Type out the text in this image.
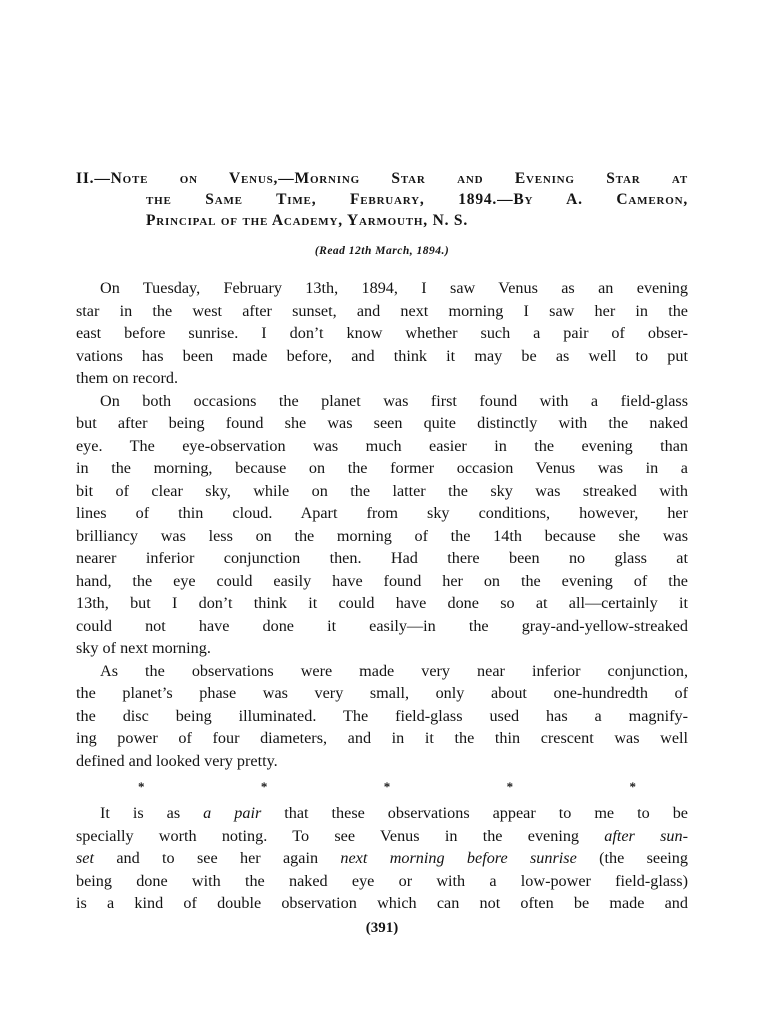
II.—Note on Venus,—Morning Star and Evening Star at
the Same Time, February, 1894.—By A. Cameron,
Principal of the Academy, Yarmouth, N. S.
(Read 12th March, 1894.)

On Tuesday, February 13th, 1894, I saw Venus as an evening
star in the west after sunset, and next morning I saw her in the
east before sunrise. I don’t know whether such a pair of obser-
vations has been made before, and think it may be as well to put
them on record.

On both occasions the planet was first found with a field-glass
but after being found she was seen quite distinctly with the naked
eye. The eye-observation was much easier in the evening than
in the morning, because on the former occasion Venus was in a
bit of clear sky, while on the latter the sky was streaked with
lines of thin cloud. Apart from sky conditions, however, her
brilliancy was less on the morning of the 14th because she was
nearer inferior conjunction then. Had there been no glass at
hand, the eye could easily have found her on the evening of the
13th, but I don’t think it could have done so at all—certainly it
could not have done it easily—in the gray-and-yellow-streaked
sky of next morning.

As the observations were made very near inferior conjunction,
the planet’s phase was very small, only about one-hundredth of
the disc being illuminated. The field-glass used has a magnify-
ing power of four diameters, and in it the thin crescent was well
defined and looked very pretty.

*	*	*	*	*

It is as a pair that these observations appear to me to be
specially worth noting. To see Venus in the evening after sun-
set and to see her again next morning before sunrise (the seeing
being done with the naked eye or with a low-power field-glass)
is a kind of double observation which can not often be made and

(391)
